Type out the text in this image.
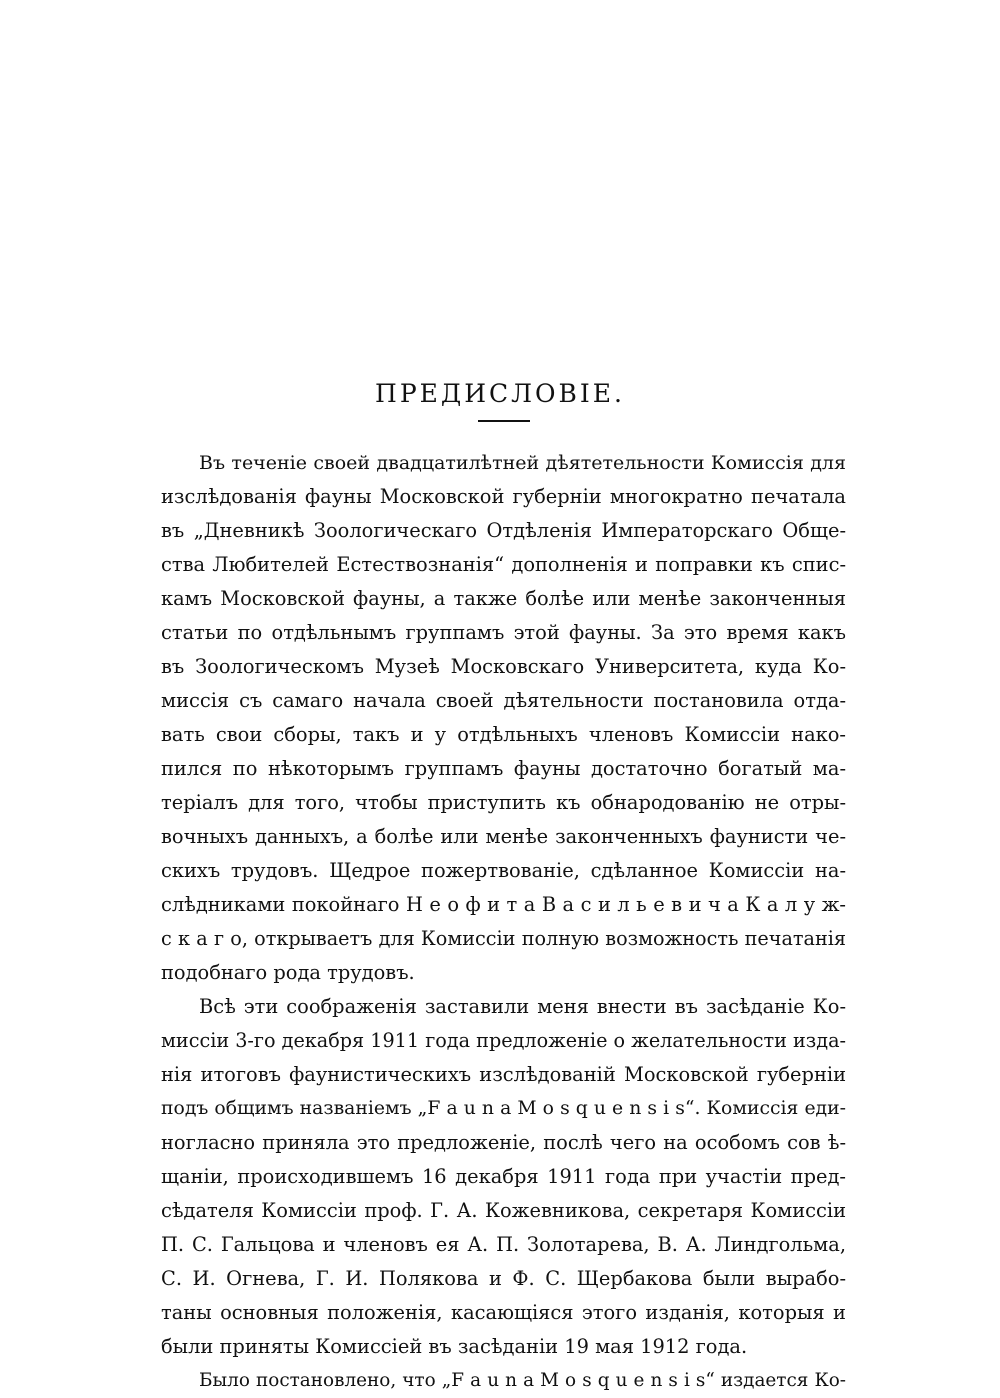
ПРЕДИСЛОВІЕ.
Въ теченіе своей двадцатилѣтней дѣятетельности Комиссія для
изслѣдованія фауны Московской губерніи многократно печатала
въ „Дневникѣ Зоологическаго Отдѣленія Императорскаго Обще-
ства Любителей Естествознанія“ дополненія и поправки къ спис-
камъ Московской фауны, а также болѣе или менѣе законченныя
статьи по отдѣльнымъ группамъ этой фауны. За это время какъ
въ Зоологическомъ Музеѣ Московскаго Университета, куда Ко-
миссія съ самаго начала своей дѣятельности постановила отда-
вать свои сборы, такъ и у отдѣльныхъ членовъ Комиссіи нако-
пился по нѣкоторымъ группамъ фауны достаточно богатый ма-
теріалъ для того, чтобы приступить къ обнародованію не отры-
вочныхъ данныхъ, а болѣе или менѣе законченныхъ фаунисти че-
скихъ трудовъ. Щедрое пожертвованіе, сдѣланное Комиссіи на-
слѣдниками покойнаго Н е о ф и т а В а с и л ь е в и ч а К а л у ж-
с к а г о, открываетъ для Комиссіи полную возможность печатанія
подобнаго рода трудовъ.
Всѣ эти соображенія заставили меня внести въ засѣданіе Ко-
миссіи 3-го декабря 1911 года предложеніе о желательности изда-
нія итоговъ фаунистическихъ изслѣдованій Московской губерніи
подъ общимъ названіемъ „F a u n a M o s q u e n s i s“. Комиссія еди-
ногласно приняла это предложеніе, послѣ чего на особомъ сов ѣ-
щаніи, происходившемъ 16 декабря 1911 года при участіи пред-
сѣдателя Комиссіи проф. Г. А. Кожевникова, секретаря Комиссіи
П. С. Гальцова и членовъ ея А. П. Золотарева, В. А. Линдгольма,
С. И. Огнева, Г. И. Полякова и Ф. С. Щербакова были вырабо-
таны основныя положенія, касающіяся этого изданія, которыя и
были приняты Комиссіей въ засѣданіи 19 мая 1912 года.
Было постановлено, что „F a u n a M o s q u e n s i s“ издается Ко-
